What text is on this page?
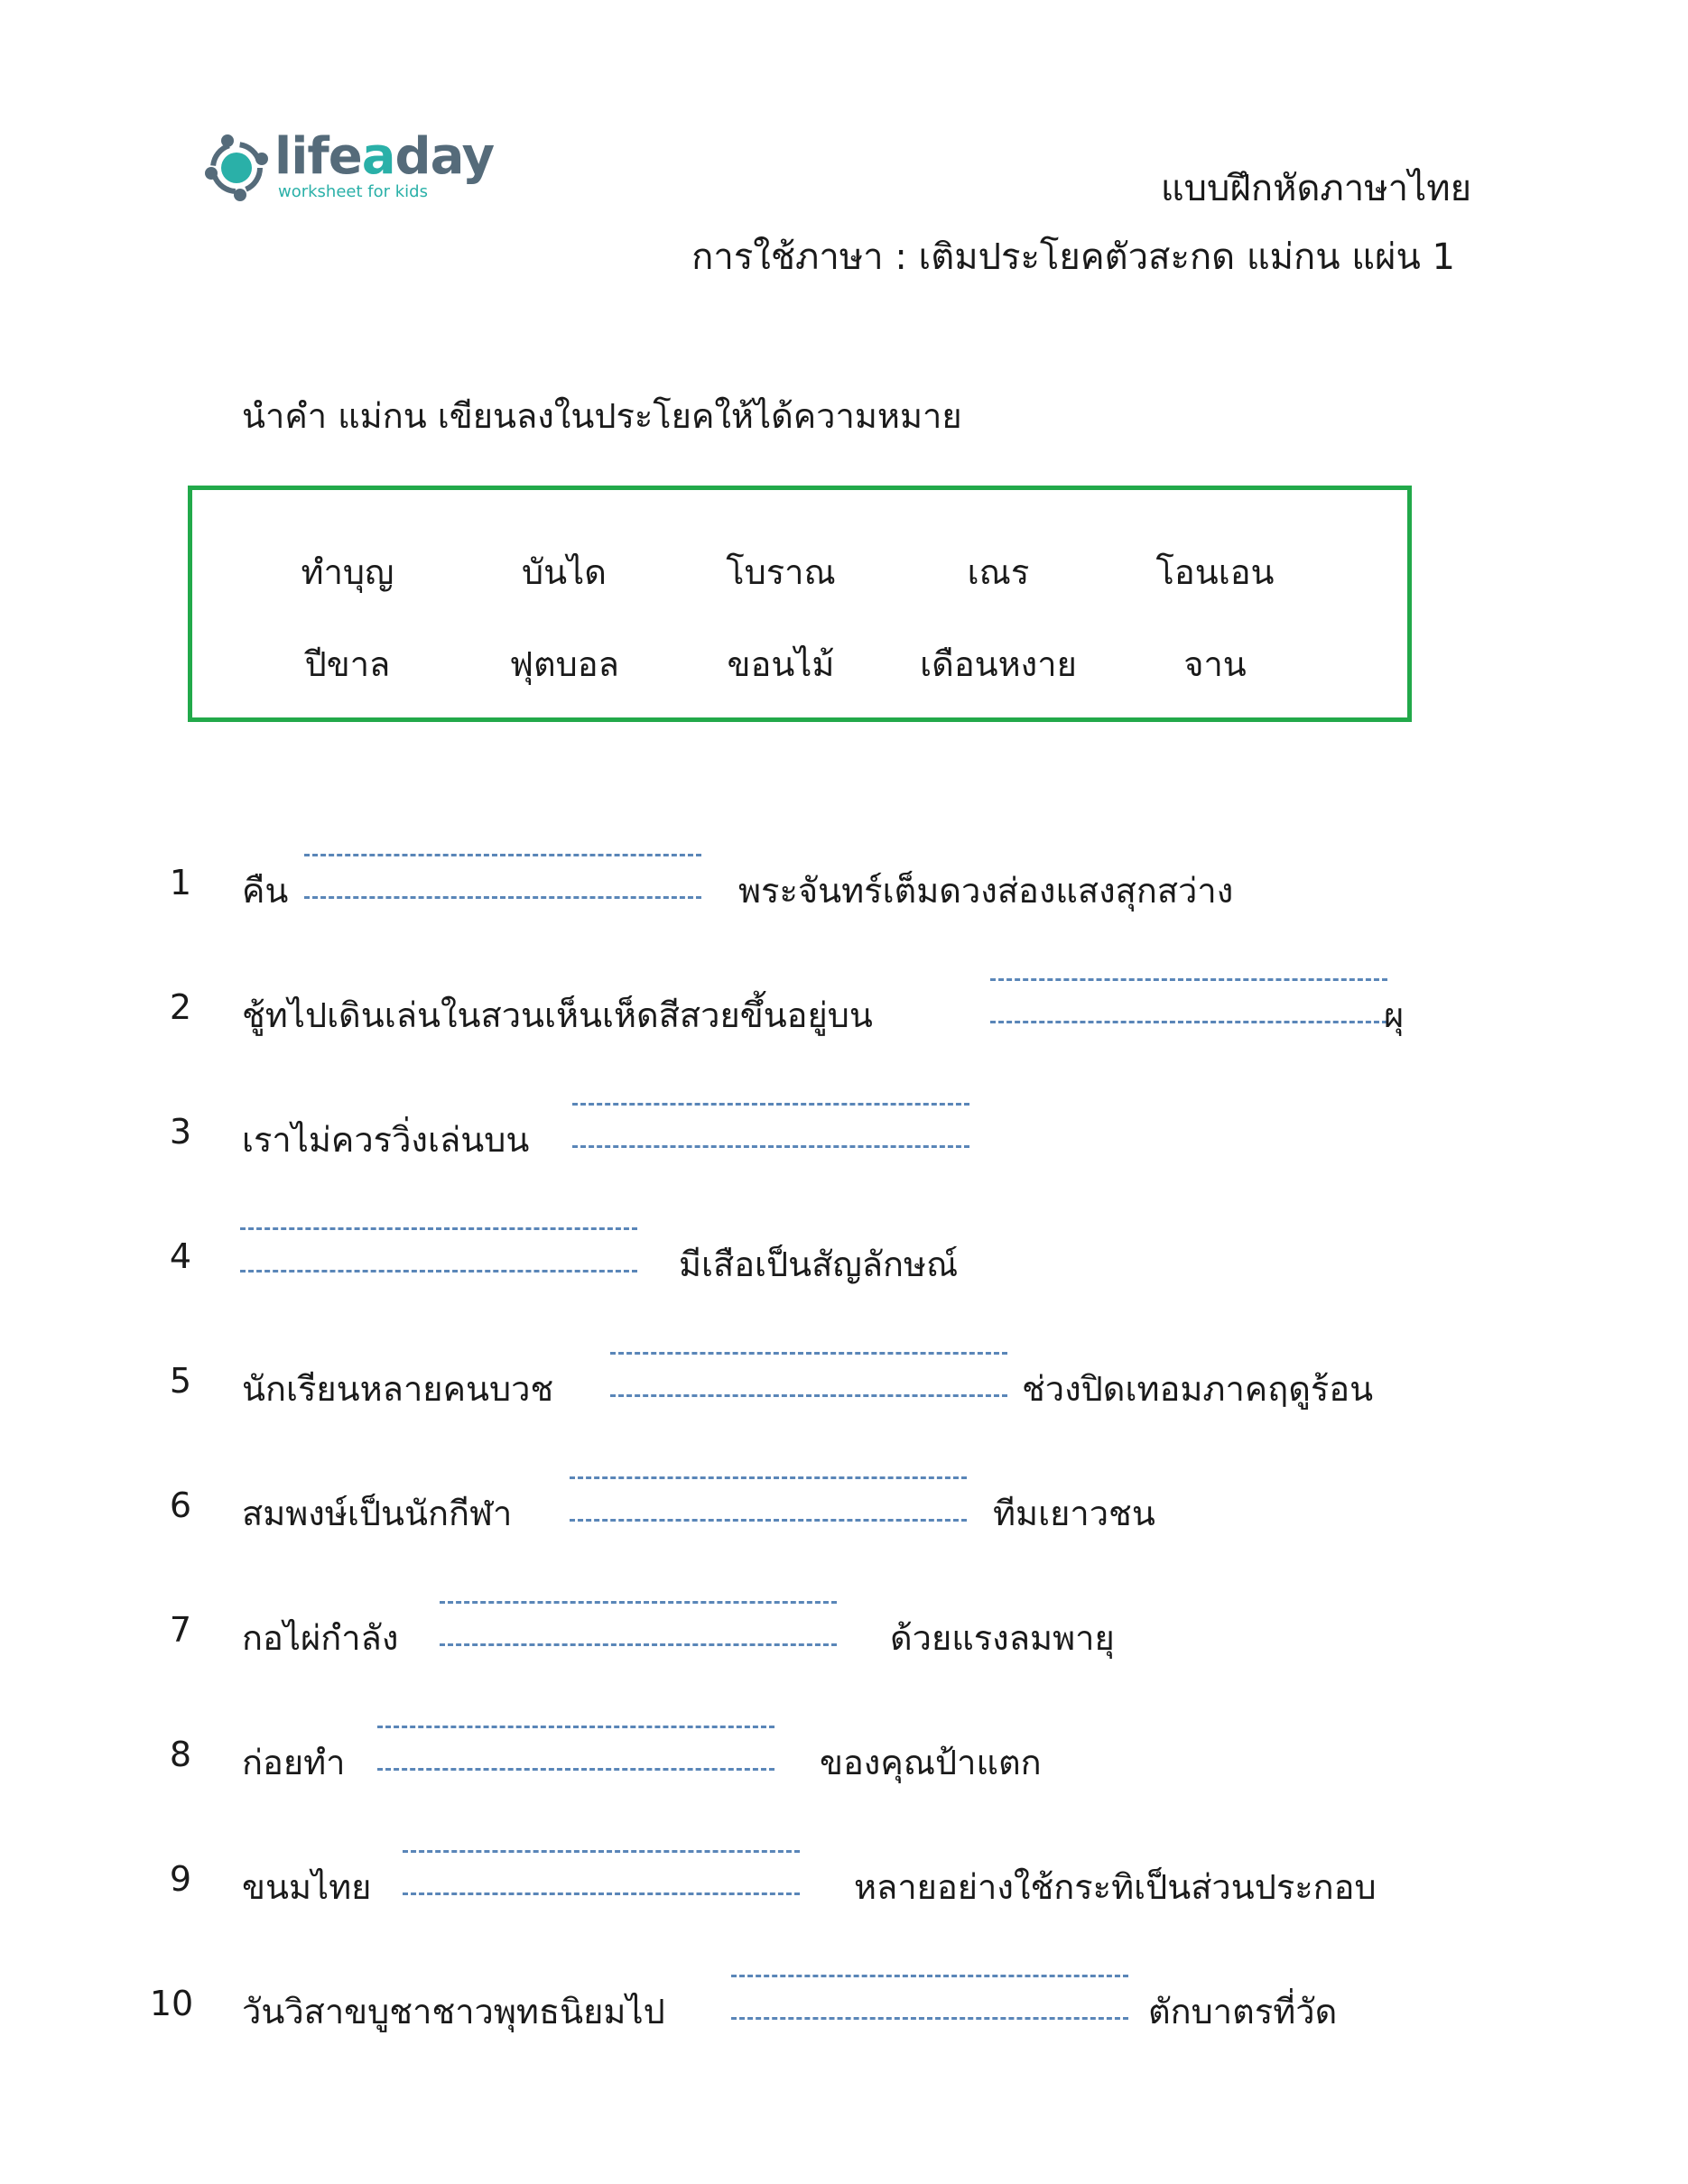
lifeaday
worksheet for kids	แบบฝึกหัดภาษาไทย
การใช้ภาษา : เติมประโยคตัวสะกด แม่กน แผ่น 1
นำคำ แม่กน เขียนลงในประโยคให้ได้ความหมาย
ทำบุญ	บันได	โบราณ	เณร	โอนเอน
ปีขาล	ฟุตบอล	ขอนไม้	เดือนหงาย	จาน
1	คืน	พระจันทร์เต็มดวงส่องแสงสุกสว่าง
2	ชู้ทไปเดินเล่นในสวนเห็นเห็ดสีสวยขึ้นอยู่บน	ผุ
3	เราไม่ควรวิ่งเล่นบน
4	มีเสือเป็นสัญลักษณ์
5	นักเรียนหลายคนบวช	ช่วงปิดเทอมภาคฤดูร้อน
6	สมพงษ์เป็นนักกีฬา	ทีมเยาวชน
7	กอไผ่กำลัง	ด้วยแรงลมพายุ
8	ก่อยทำ	ของคุณป้าแตก
9	ขนมไทย	หลายอย่างใช้กระทิเป็นส่วนประกอบ
10	วันวิสาขบูชาชาวพุทธนิยมไป	ตักบาตรที่วัด
